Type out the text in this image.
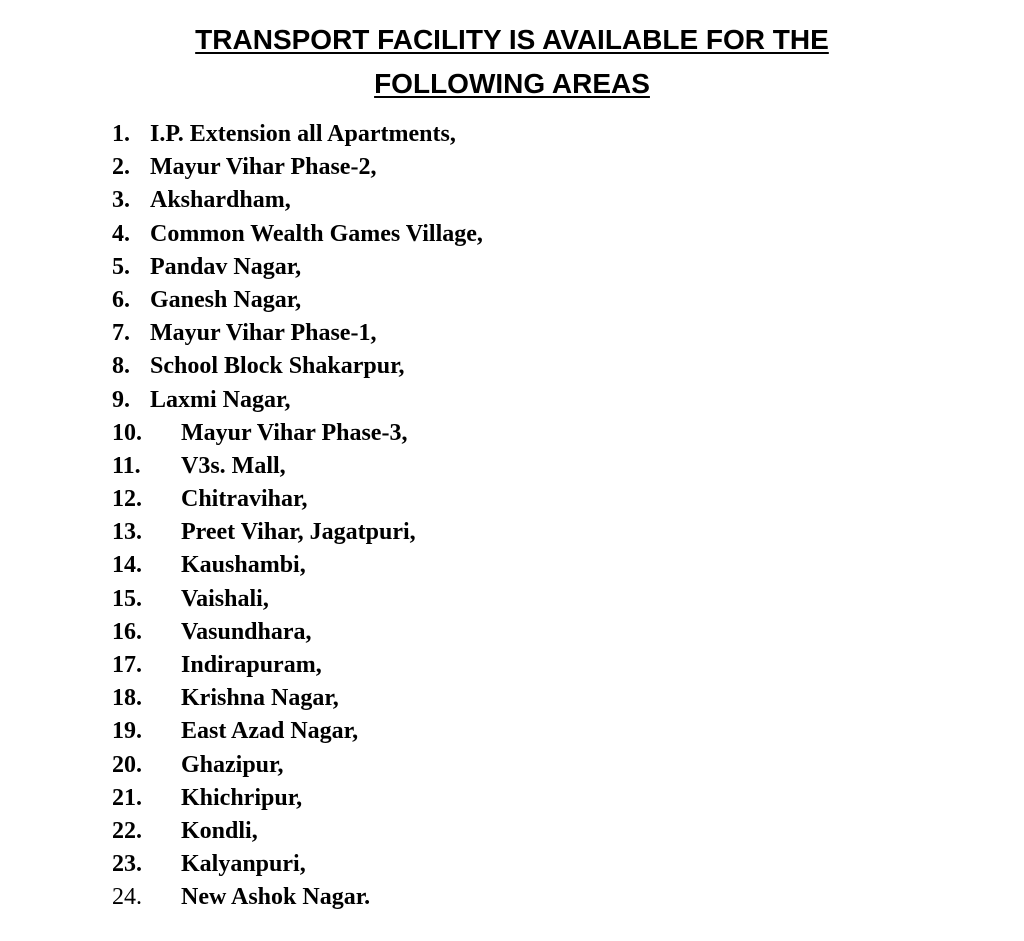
TRANSPORT FACILITY IS AVAILABLE FOR THE
FOLLOWING AREAS
1. I.P. Extension all Apartments,
2. Mayur Vihar Phase-2,
3. Akshardham,
4. Common Wealth Games Village,
5. Pandav Nagar,
6. Ganesh Nagar,
7. Mayur Vihar Phase-1,
8. School Block Shakarpur,
9. Laxmi Nagar,
10. Mayur Vihar Phase-3,
11. V3s. Mall,
12. Chitravihar,
13. Preet Vihar, Jagatpuri,
14. Kaushambi,
15. Vaishali,
16. Vasundhara,
17. Indirapuram,
18. Krishna Nagar,
19. East Azad Nagar,
20. Ghazipur,
21. Khichripur,
22. Kondli,
23. Kalyanpuri,
24. New Ashok Nagar.
